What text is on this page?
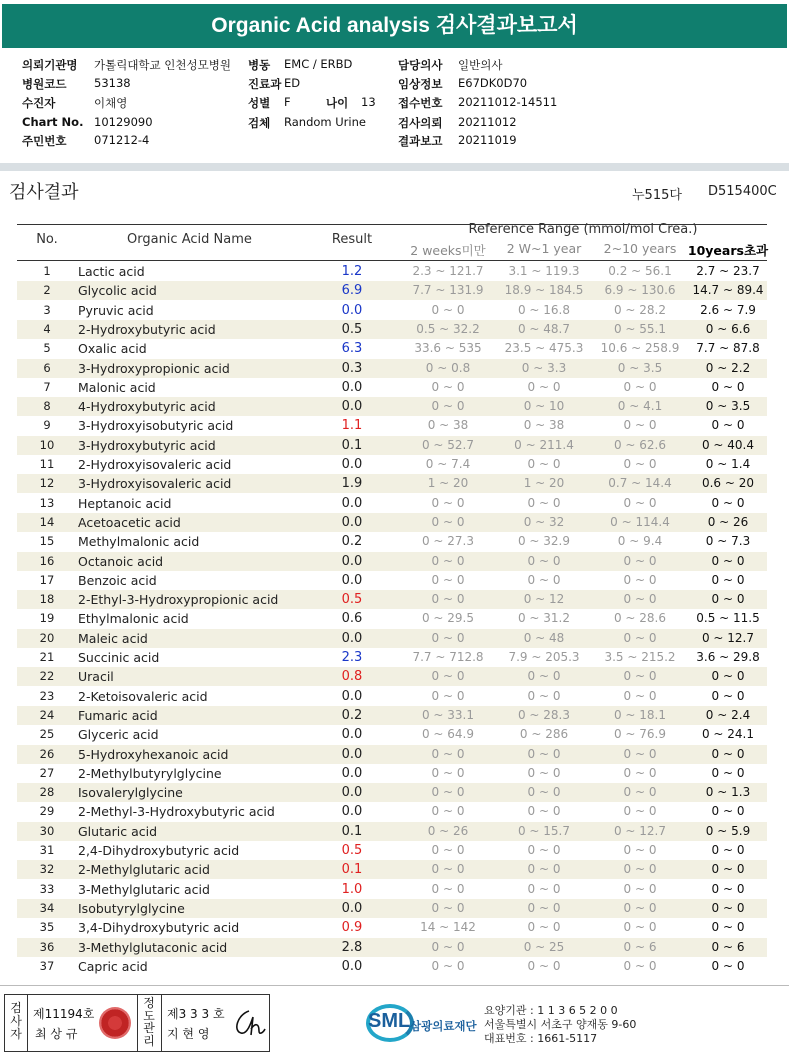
Organic Acid analysis 검사결과보고서
의뢰기관명 가톨릭대학교 인천성모병원 병동 EMC / ERBD	담당의사 일반의사
병원코드 53138	진료과 ED	임상정보 E67DK0D70
수진자	이채영	성별 F	나이 13 접수번호 20211012-14511
Chart No. 10129090	검체 Random Urine	검사의뢰 20211012
주민번호 071212-4	결과보고 20211019
검사결과	누515다 D515400C
No.	Organic Acid Name	Result
Reference Range (mmol/mol Crea.)
2 weeks미만	2 W~1 year	2~10 years 10years초과
1	Lactic acid	1.2	2.3 ~ 121.7	3.1 ~ 119.3	0.2 ~ 56.1	2.7 ~ 23.7
2	Glycolic acid	6.9	7.7 ~ 131.9	18.9 ~ 184.5	6.9 ~ 130.6	14.7 ~ 89.4
3	Pyruvic acid	0.0	0 ~ 0	0 ~ 16.8	0 ~ 28.2	2.6 ~ 7.9
4	2-Hydroxybutyric acid	0.5	0.5 ~ 32.2	0 ~ 48.7	0 ~ 55.1	0 ~ 6.6
5	Oxalic acid	6.3	33.6 ~ 535	23.5 ~ 475.3	10.6 ~ 258.9	7.7 ~ 87.8
6	3-Hydroxypropionic acid	0.3	0 ~ 0.8	0 ~ 3.3	0 ~ 3.5	0 ~ 2.2
7	Malonic acid	0.0	0 ~ 0	0 ~ 0	0 ~ 0	0 ~ 0
8	4-Hydroxybutyric acid	0.0	0 ~ 0	0 ~ 10	0 ~ 4.1	0 ~ 3.5
9	3-Hydroxyisobutyric acid	1.1	0 ~ 38	0 ~ 38	0 ~ 0	0 ~ 0
10	3-Hydroxybutyric acid	0.1	0 ~ 52.7	0 ~ 211.4	0 ~ 62.6	0 ~ 40.4
11	2-Hydroxyisovaleric acid	0.0	0 ~ 7.4	0 ~ 0	0 ~ 0	0 ~ 1.4
12	3-Hydroxyisovaleric acid	1.9	1 ~ 20	1 ~ 20	0.7 ~ 14.4	0.6 ~ 20
13	Heptanoic acid	0.0	0 ~ 0	0 ~ 0	0 ~ 0	0 ~ 0
14	Acetoacetic acid	0.0	0 ~ 0	0 ~ 32	0 ~ 114.4	0 ~ 26
15	Methylmalonic acid	0.2	0 ~ 27.3	0 ~ 32.9	0 ~ 9.4	0 ~ 7.3
16	Octanoic acid	0.0	0 ~ 0	0 ~ 0	0 ~ 0	0 ~ 0
17	Benzoic acid	0.0	0 ~ 0	0 ~ 0	0 ~ 0	0 ~ 0
18	2-Ethyl-3-Hydroxypropionic acid	0.5	0 ~ 0	0 ~ 12	0 ~ 0	0 ~ 0
19	Ethylmalonic acid	0.6	0 ~ 29.5	0 ~ 31.2	0 ~ 28.6	0.5 ~ 11.5
20	Maleic acid	0.0	0 ~ 0	0 ~ 48	0 ~ 0	0 ~ 12.7
21	Succinic acid	2.3	7.7 ~ 712.8	7.9 ~ 205.3	3.5 ~ 215.2	3.6 ~ 29.8
22	Uracil	0.8	0 ~ 0	0 ~ 0	0 ~ 0	0 ~ 0
23	2-Ketoisovaleric acid	0.0	0 ~ 0	0 ~ 0	0 ~ 0	0 ~ 0
24	Fumaric acid	0.2	0 ~ 33.1	0 ~ 28.3	0 ~ 18.1	0 ~ 2.4
25	Glyceric acid	0.0	0 ~ 64.9	0 ~ 286	0 ~ 76.9	0 ~ 24.1
26	5-Hydroxyhexanoic acid	0.0	0 ~ 0	0 ~ 0	0 ~ 0	0 ~ 0
27	2-Methylbutyrylglycine	0.0	0 ~ 0	0 ~ 0	0 ~ 0	0 ~ 0
28	Isovalerylglycine	0.0	0 ~ 0	0 ~ 0	0 ~ 0	0 ~ 1.3
29	2-Methyl-3-Hydroxybutyric acid	0.0	0 ~ 0	0 ~ 0	0 ~ 0	0 ~ 0
30	Glutaric acid	0.1	0 ~ 26	0 ~ 15.7	0 ~ 12.7	0 ~ 5.9
31	2,4-Dihydroxybutyric acid	0.5	0 ~ 0	0 ~ 0	0 ~ 0	0 ~ 0
32	2-Methylglutaric acid	0.1	0 ~ 0	0 ~ 0	0 ~ 0	0 ~ 0
33	3-Methylglutaric acid	1.0	0 ~ 0	0 ~ 0	0 ~ 0	0 ~ 0
34	Isobutyrylglycine	0.0	0 ~ 0	0 ~ 0	0 ~ 0	0 ~ 0
35	3,4-Dihydroxybutyric acid	0.9	14 ~ 142	0 ~ 0	0 ~ 0	0 ~ 0
36	3-Methylglutaconic acid	2.8	0 ~ 0	0 ~ 25	0 ~ 6	0 ~ 6
37	Capric acid	0.0	0 ~ 0	0 ~ 0	0 ~ 0	0 ~ 0
검사자
제11194호
최 상 규
정도관리
제3 3 3 호
지 현 영
SML 삼광의료재단
요양기관 : 1 1 3 6 5 2 0 0
서울특별시 서초구 양재동 9-60
대표번호 : 1661-5117
